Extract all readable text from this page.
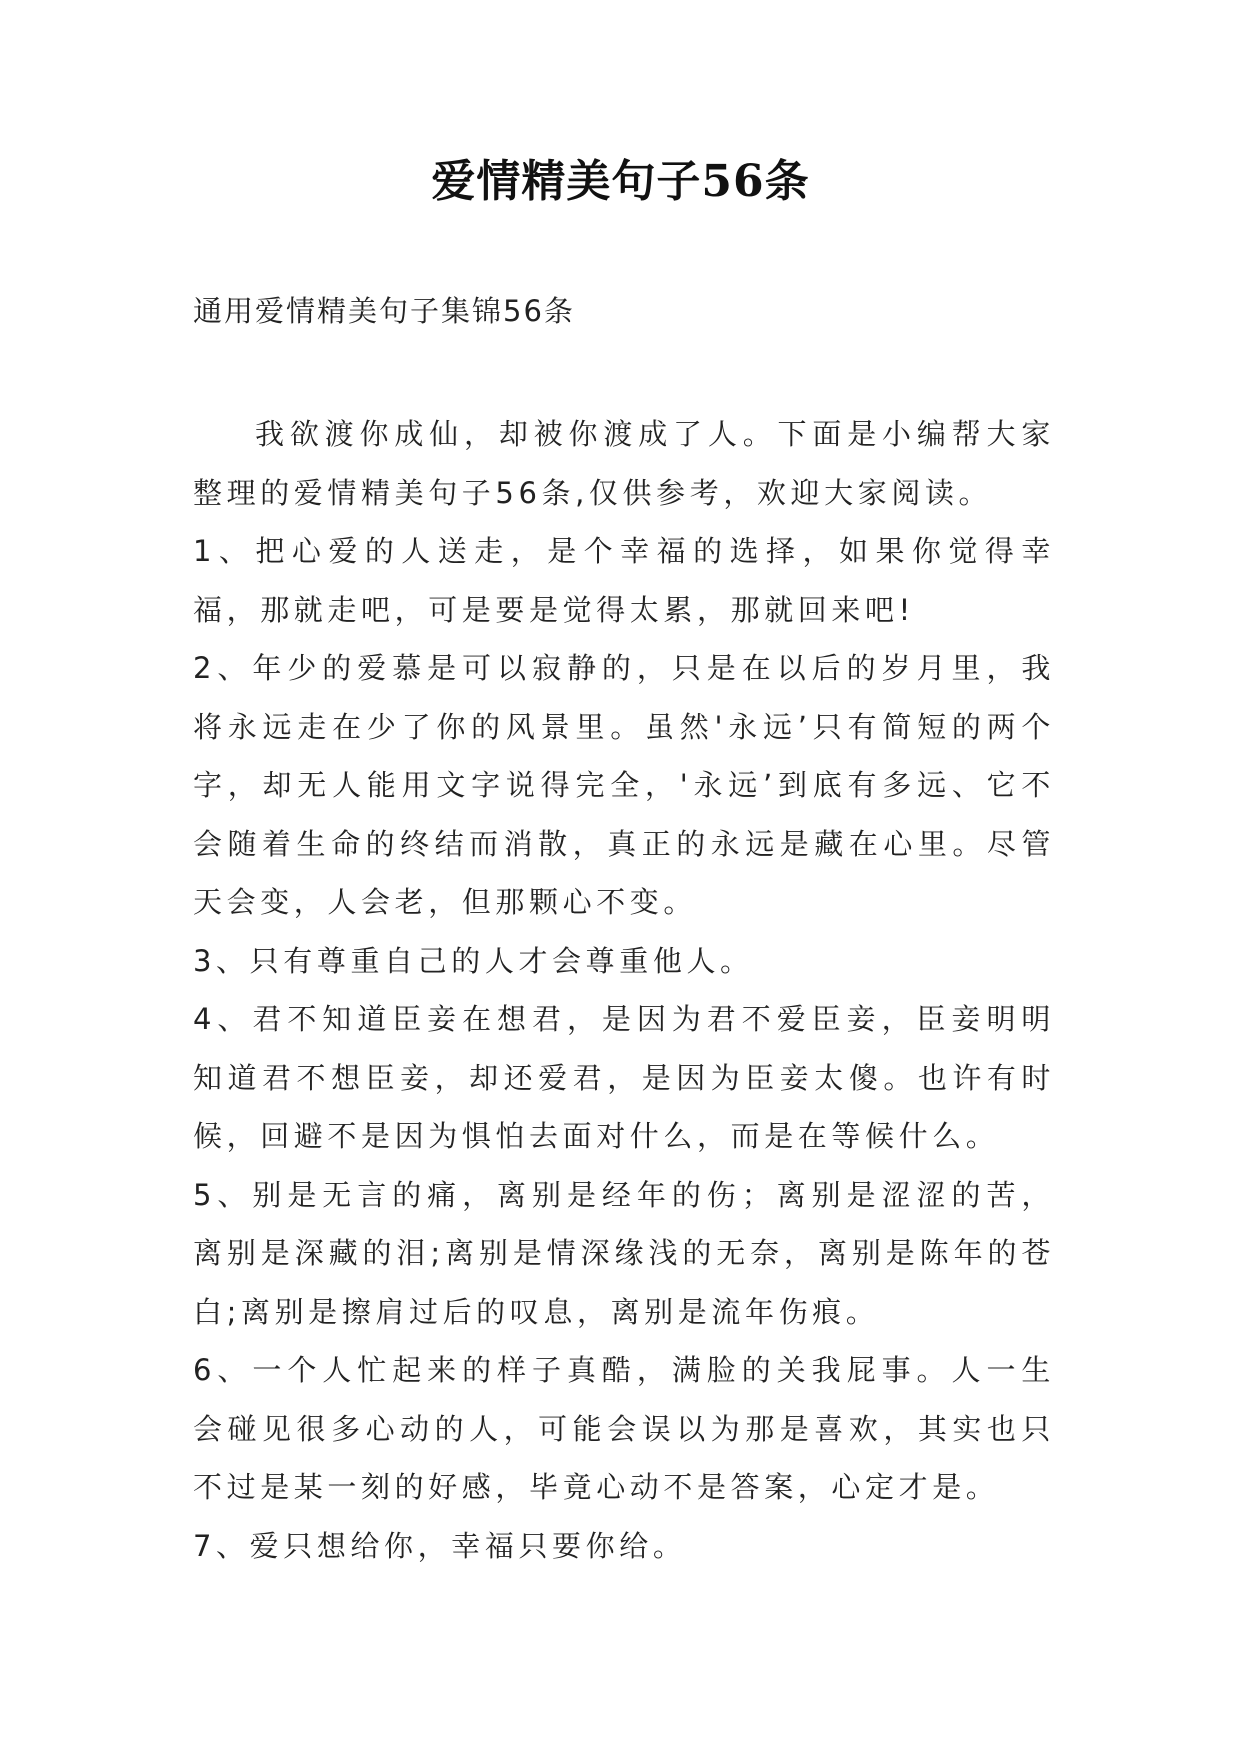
爱情精美句子56条
通用爱情精美句子集锦56条

我欲渡你成仙，却被你渡成了人。下面是小编帮大家整理的爱情精美句子56条,仅供参考，欢迎大家阅读。

1、把心爱的人送走，是个幸福的选择，如果你觉得幸福，那就走吧，可是要是觉得太累，那就回来吧!

2、年少的爱慕是可以寂静的，只是在以后的岁月里，我将永远走在少了你的风景里。虽然'永远’只有简短的两个字，却无人能用文字说得完全，'永远’到底有多远、它不会随着生命的终结而消散，真正的永远是藏在心里。尽管天会变，人会老，但那颗心不变。

3、只有尊重自己的人才会尊重他人。

4、君不知道臣妾在想君，是因为君不爱臣妾，臣妾明明知道君不想臣妾，却还爱君，是因为臣妾太傻。也许有时候，回避不是因为惧怕去面对什么，而是在等候什么。

5、别是无言的痛，离别是经年的伤；离别是涩涩的苦，离别是深藏的泪;离别是情深缘浅的无奈，离别是陈年的苍白;离别是擦肩过后的叹息，离别是流年伤痕。

6、一个人忙起来的样子真酷，满脸的关我屁事。人一生会碰见很多心动的人，可能会误以为那是喜欢，其实也只不过是某一刻的好感，毕竟心动不是答案，心定才是。

7、爱只想给你，幸福只要你给。
